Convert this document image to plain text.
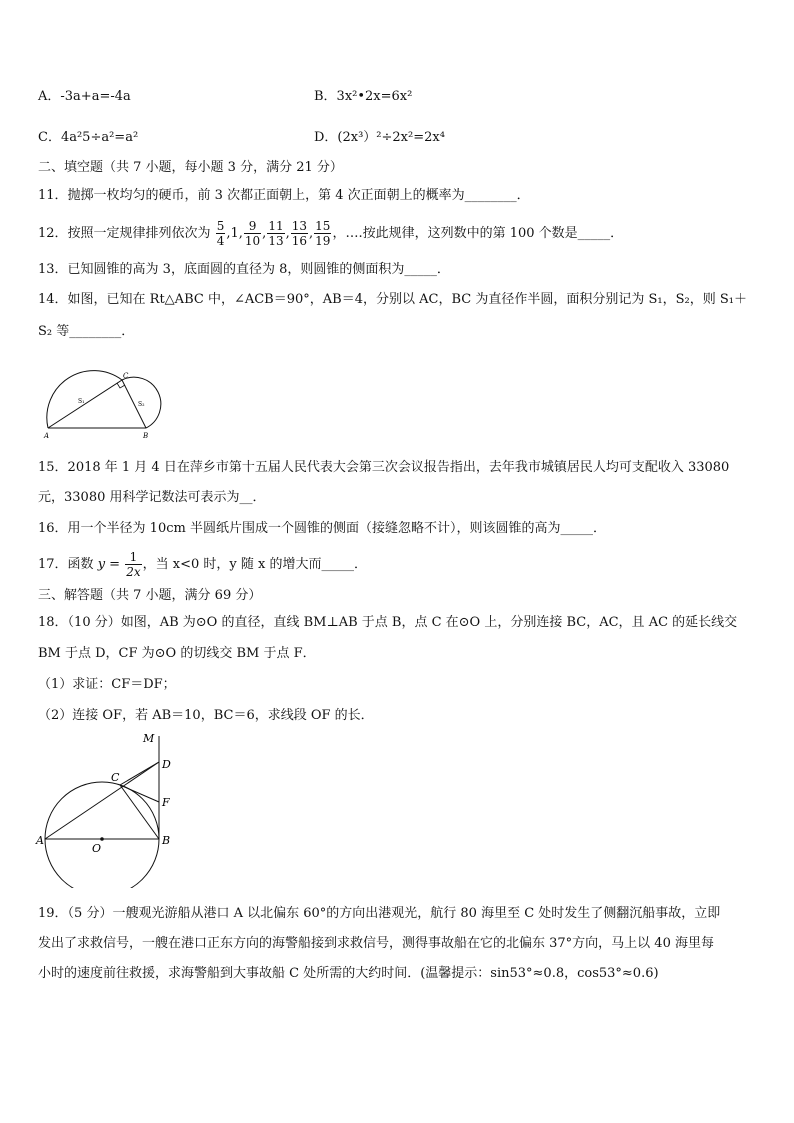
A．-3a+a=-4a	B．3x²•2x=6x²
C．4a²5÷a²=a²	D．(2x³）²÷2x²=2x⁴
二、填空题（共 7 小题，每小题 3 分，满分 21 分）
11．抛掷一枚均匀的硬币，前 3 次都正面朝上，第 4 次正面朝上的概率为________．
12．按照一定规律排列依次为 $\frac{5}{4} ,1$, $\frac{9}{10}$ , $\frac{11}{13}$ , $\frac{13}{16}$ , $\frac{15}{19}$ ，….按此规律，这列数中的第 100 个数是_____．
13．已知圆锥的高为 3，底面圆的直径为 8，则圆锥的侧面积为_____．
14．如图，已知在 Rt△ABC 中，∠ACB＝90°，AB＝4，分别以 AC，BC 为直径作半圆，面积分别记为 S₁，S₂，则 S₁＋
S₂ 等________．
A	B
C
S₁	S₂
15．2018 年 1 月 4 日在萍乡市第十五届人民代表大会第三次会议报告指出，去年我市城镇居民人均可支配收入 33080
元，33080 用科学记数法可表示为__．
16．用一个半径为 10cm 半圆纸片围成一个圆锥的侧面（接缝忽略不计），则该圆锥的高为_____．
17．函数 $y = \frac{1}{2x}$ ，当 x<0 时，y 随 x 的增大而_____．
三、解答题（共 7 小题，满分 69 分）
18．（10 分）如图，AB 为⊙O 的直径，直线 BM⊥AB 于点 B，点 C 在⊙O 上，分别连接 BC，AC，且 AC 的延长线交
BM 于点 D，CF 为⊙O 的切线交 BM 于点 F．
（1）求证：CF＝DF；
（2）连接 OF，若 AB＝10，BC＝6，求线段 OF 的长．
M
D
C
F
A
O
B
19．（5 分）一艘观光游船从港口 A 以北偏东 60°的方向出港观光，航行 80 海里至 C 处时发生了侧翻沉船事故，立即
发出了求救信号，一艘在港口正东方向的海警船接到求救信号，测得事故船在它的北偏东 37°方向，马上以 40 海里每
小时的速度前往救援，求海警船到大事故船 C 处所需的大约时间．(温馨提示：sin53°≈0.8，cos53°≈0.6)
